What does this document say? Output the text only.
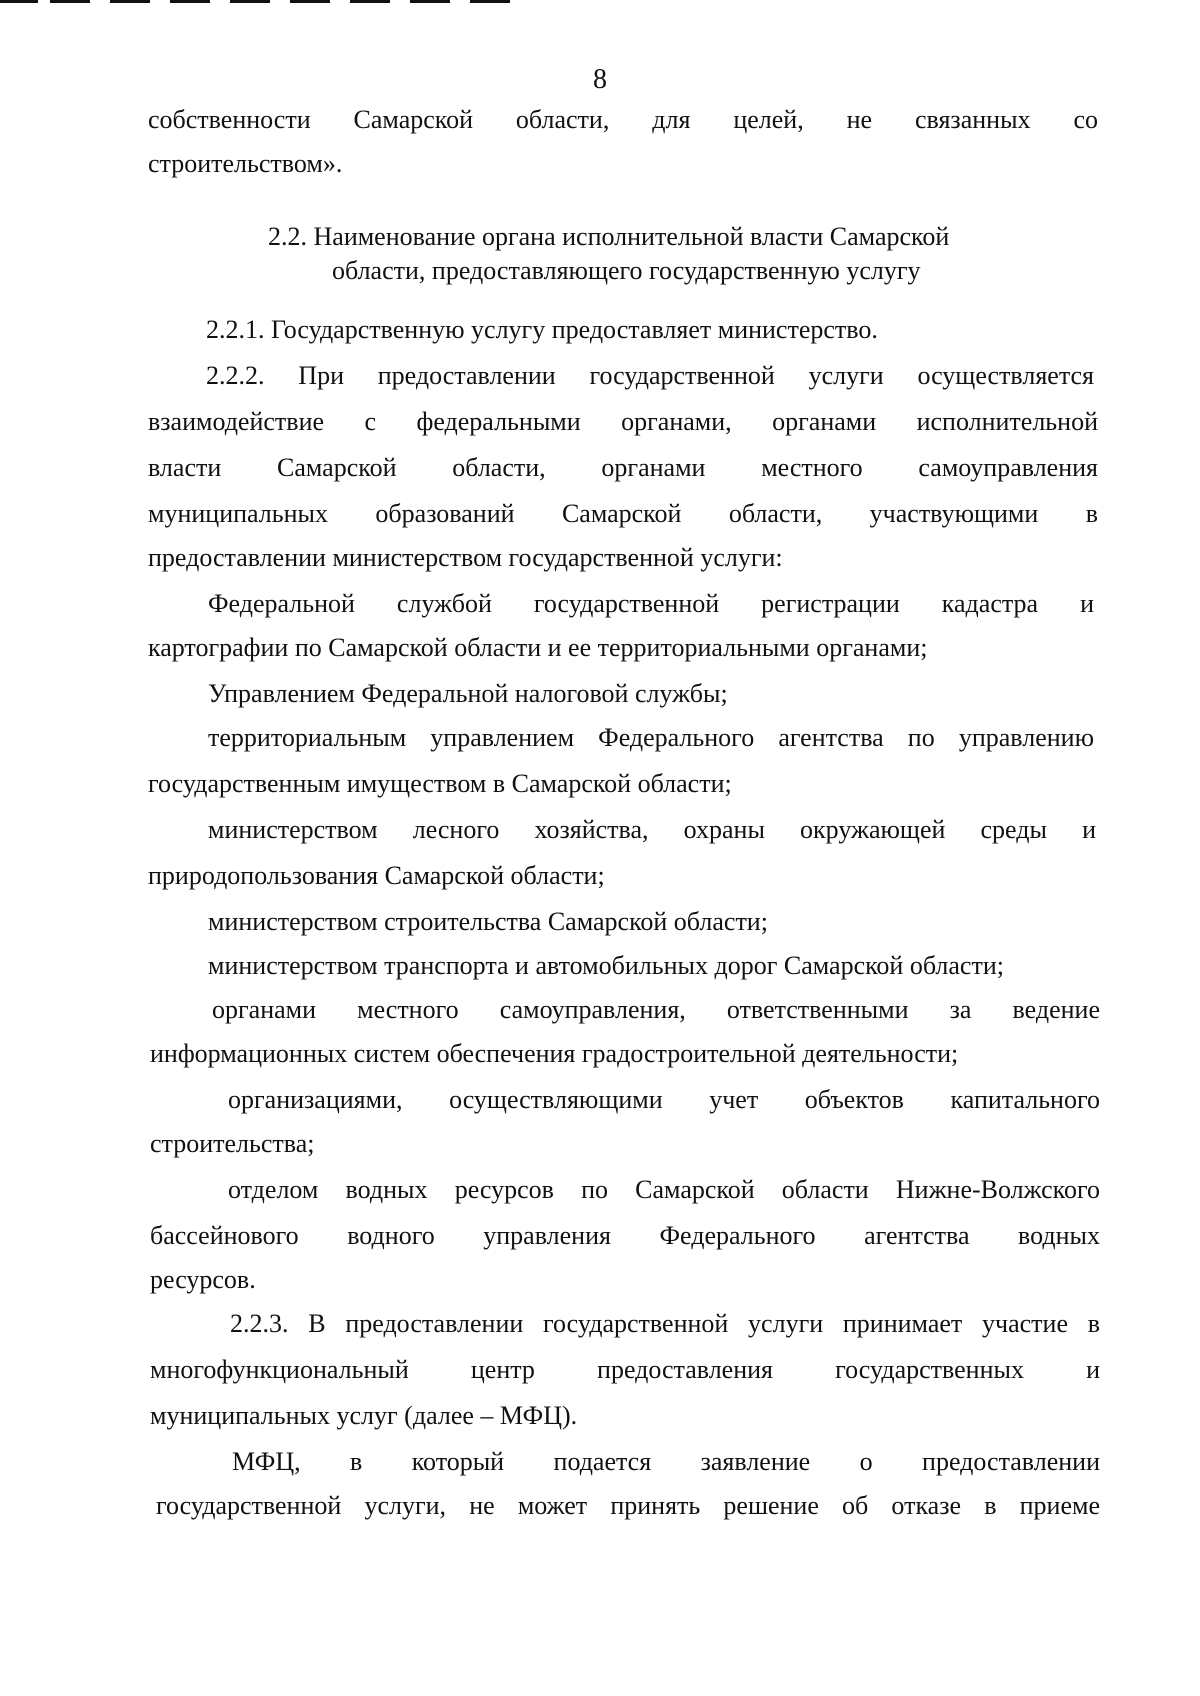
8
собственности Самарской области, для целей, не связанных со
строительством».
2.2. Наименование органа исполнительной власти Самарской
области, предоставляющего государственную услугу
2.2.1. Государственную услугу предоставляет министерство.
2.2.2. При предоставлении государственной услуги осуществляется
взаимодействие с федеральными органами, органами исполнительной
власти Самарской области, органами местного самоуправления
муниципальных образований Самарской области, участвующими в
предоставлении министерством государственной услуги:
Федеральной службой государственной регистрации кадастра и
картографии по Самарской области и ее территориальными органами;
Управлением Федеральной налоговой службы;
территориальным управлением Федерального агентства по управлению
государственным имуществом в Самарской области;
министерством лесного хозяйства, охраны окружающей среды и
природопользования Самарской области;
министерством строительства Самарской области;
министерством транспорта и автомобильных дорог Самарской области;
органами местного самоуправления, ответственными за ведение
информационных систем обеспечения градостроительной деятельности;
организациями, осуществляющими учет объектов капитального
строительства;
отделом водных ресурсов по Самарской области Нижне-Волжского
бассейнового водного управления Федерального агентства водных
ресурсов.
2.2.3. В предоставлении государственной услуги принимает участие в
многофункциональный центр предоставления государственных и
муниципальных услуг (далее – МФЦ).
МФЦ, в который подается заявление о предоставлении
государственной услуги, не может принять решение об отказе в приеме
